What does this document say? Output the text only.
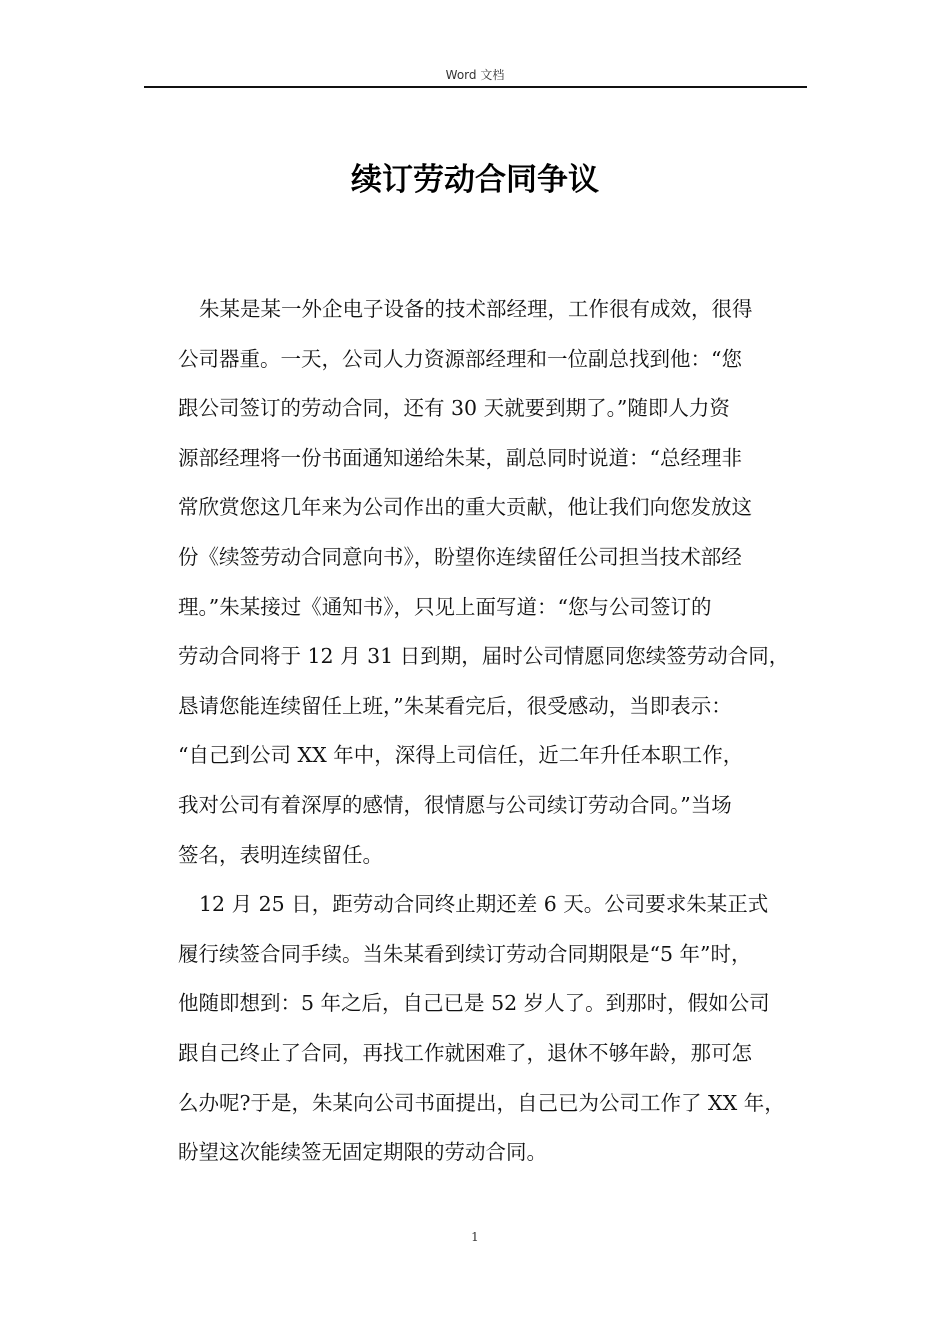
Word 文档
续订劳动合同争议
朱某是某一外企电子设备的技术部经理，工作很有成效，很得
公司器重。一天，公司人力资源部经理和一位副总找到他：“您
跟公司签订的劳动合同，还有 30 天就要到期了。”随即人力资
源部经理将一份书面通知递给朱某，副总同时说道：“总经理非
常欣赏您这几年来为公司作出的重大贡献，他让我们向您发放这
份《续签劳动合同意向书》，盼望你连续留任公司担当技术部经
理。”朱某接过《通知书》，只见上面写道：“您与公司签订的
劳动合同将于 12 月 31 日到期，届时公司情愿同您续签劳动合同，
恳请您能连续留任上班，”朱某看完后，很受感动，当即表示：
“自己到公司 XX 年中，深得上司信任，近二年升任本职工作，
我对公司有着深厚的感情，很情愿与公司续订劳动合同。”当场
签名，表明连续留任。
12 月 25 日，距劳动合同终止期还差 6 天。公司要求朱某正式
履行续签合同手续。当朱某看到续订劳动合同期限是“5 年”时，
他随即想到：5 年之后，自己已是 52 岁人了。到那时，假如公司
跟自己终止了合同，再找工作就困难了，退休不够年龄，那可怎
么办呢?于是，朱某向公司书面提出，自己已为公司工作了 XX 年，
盼望这次能续签无固定期限的劳动合同。
1
